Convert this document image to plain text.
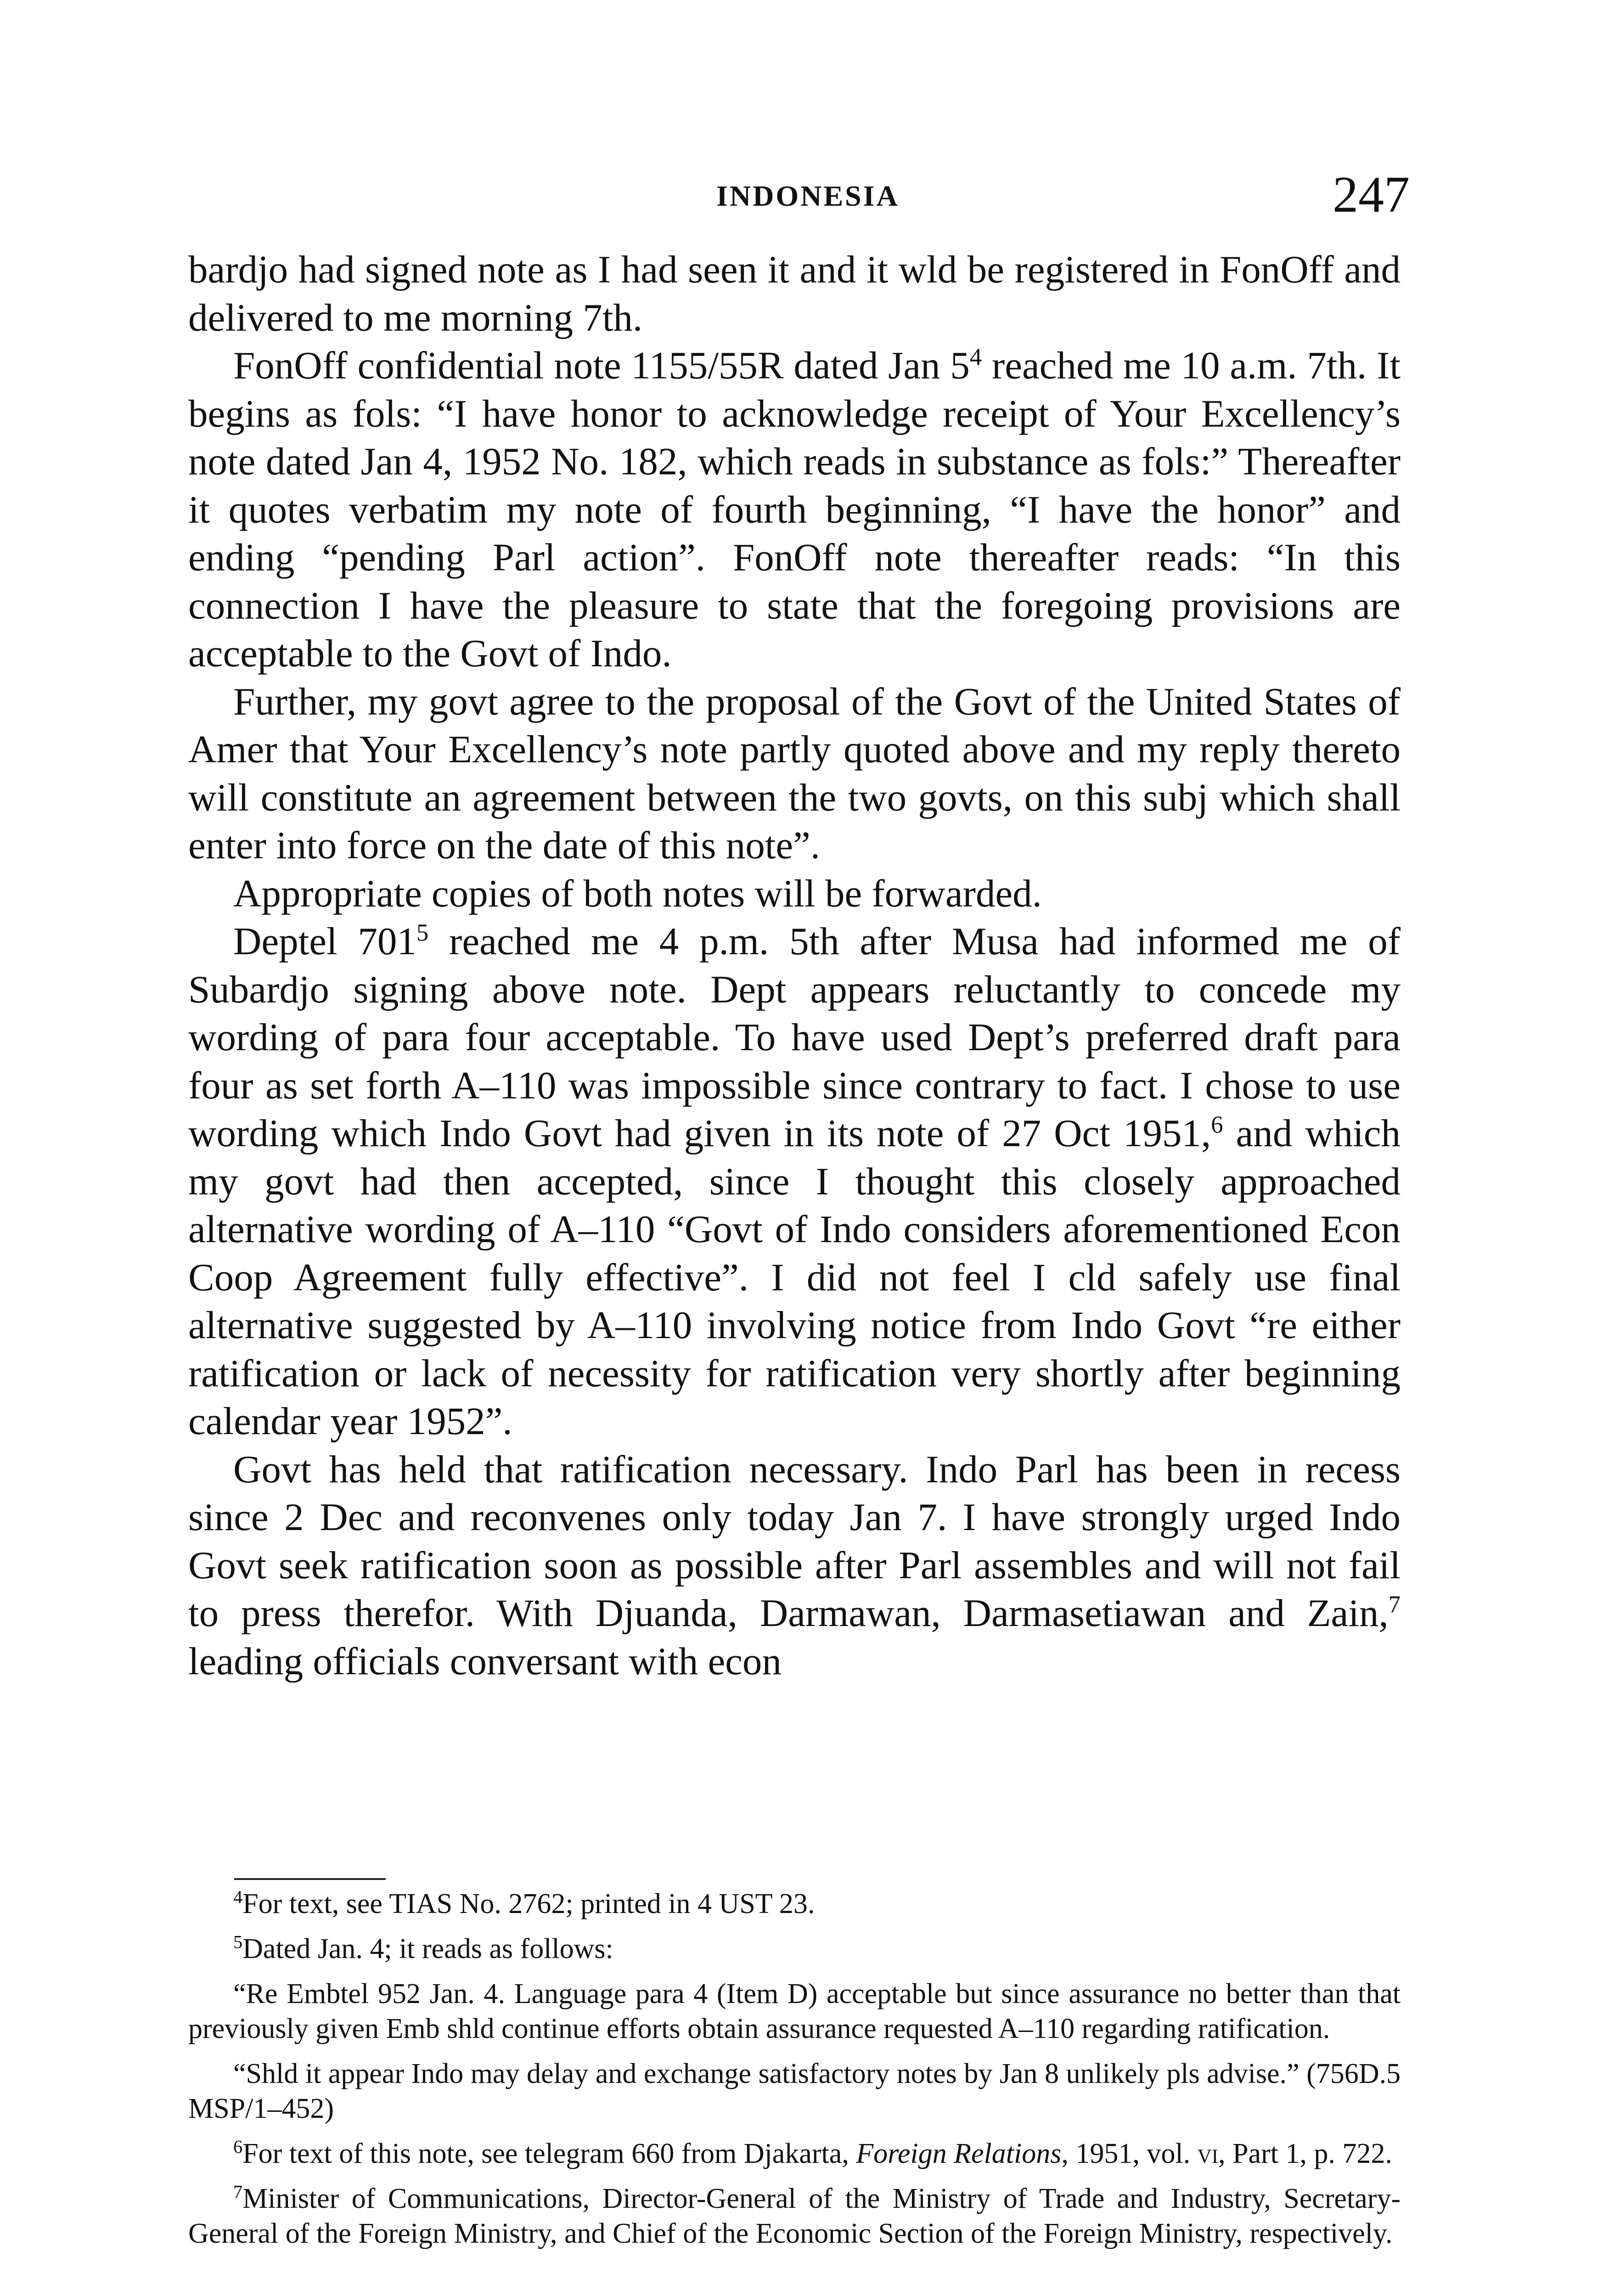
INDONESIA	247

bardjo had signed note as I had seen it and it wld be registered in FonOff and delivered to me morning 7th.

FonOff confidential note 1155/55R dated Jan 5$^4$ reached me 10 a.m. 7th. It begins as fols: “I have honor to acknowledge receipt of Your Excellency’s note dated Jan 4, 1952 No. 182, which reads in substance as fols:” Thereafter it quotes verbatim my note of fourth beginning, “I have the honor” and ending “pending Parl action”. FonOff note thereafter reads: “In this connection I have the pleasure to state that the foregoing provisions are acceptable to the Govt of Indo.

Further, my govt agree to the proposal of the Govt of the United States of Amer that Your Excellency’s note partly quoted above and my reply thereto will constitute an agreement between the two govts, on this subj which shall enter into force on the date of this note”.

Appropriate copies of both notes will be forwarded.

Deptel 701$^5$ reached me 4 p.m. 5th after Musa had informed me of Subardjo signing above note. Dept appears reluctantly to concede my wording of para four acceptable. To have used Dept’s preferred draft para four as set forth A–110 was impossible since contrary to fact. I chose to use wording which Indo Govt had given in its note of 27 Oct 1951,$^6$ and which my govt had then accepted, since I thought this closely approached alternative wording of A–110 “Govt of Indo considers aforementioned Econ Coop Agreement fully effective”. I did not feel I cld safely use final alternative suggested by A–110 involving notice from Indo Govt “re either ratification or lack of necessity for ratification very shortly after beginning calendar year 1952”.

Govt has held that ratification necessary. Indo Parl has been in recess since 2 Dec and reconvenes only today Jan 7. I have strongly urged Indo Govt seek ratification soon as possible after Parl assembles and will not fail to press therefor. With Djuanda, Darmawan, Darmasetiawan and Zain,$^7$ leading officials conversant with econ

$^4$For text, see TIAS No. 2762; printed in 4 UST 23.

$^5$Dated Jan. 4; it reads as follows:

“Re Embtel 952 Jan. 4. Language para 4 (Item D) acceptable but since assurance no better than that previously given Emb shld continue efforts obtain assurance requested A–110 regarding ratification.

“Shld it appear Indo may delay and exchange satisfactory notes by Jan 8 unlikely pls advise.” (756D.5 MSP/1–452)

$^6$For text of this note, see telegram 660 from Djakarta, Foreign Relations, 1951, vol. vi, Part 1, p. 722.

$^7$Minister of Communications, Director-General of the Ministry of Trade and Industry, Secretary-General of the Foreign Ministry, and Chief of the Economic Section of the Foreign Ministry, respectively.
